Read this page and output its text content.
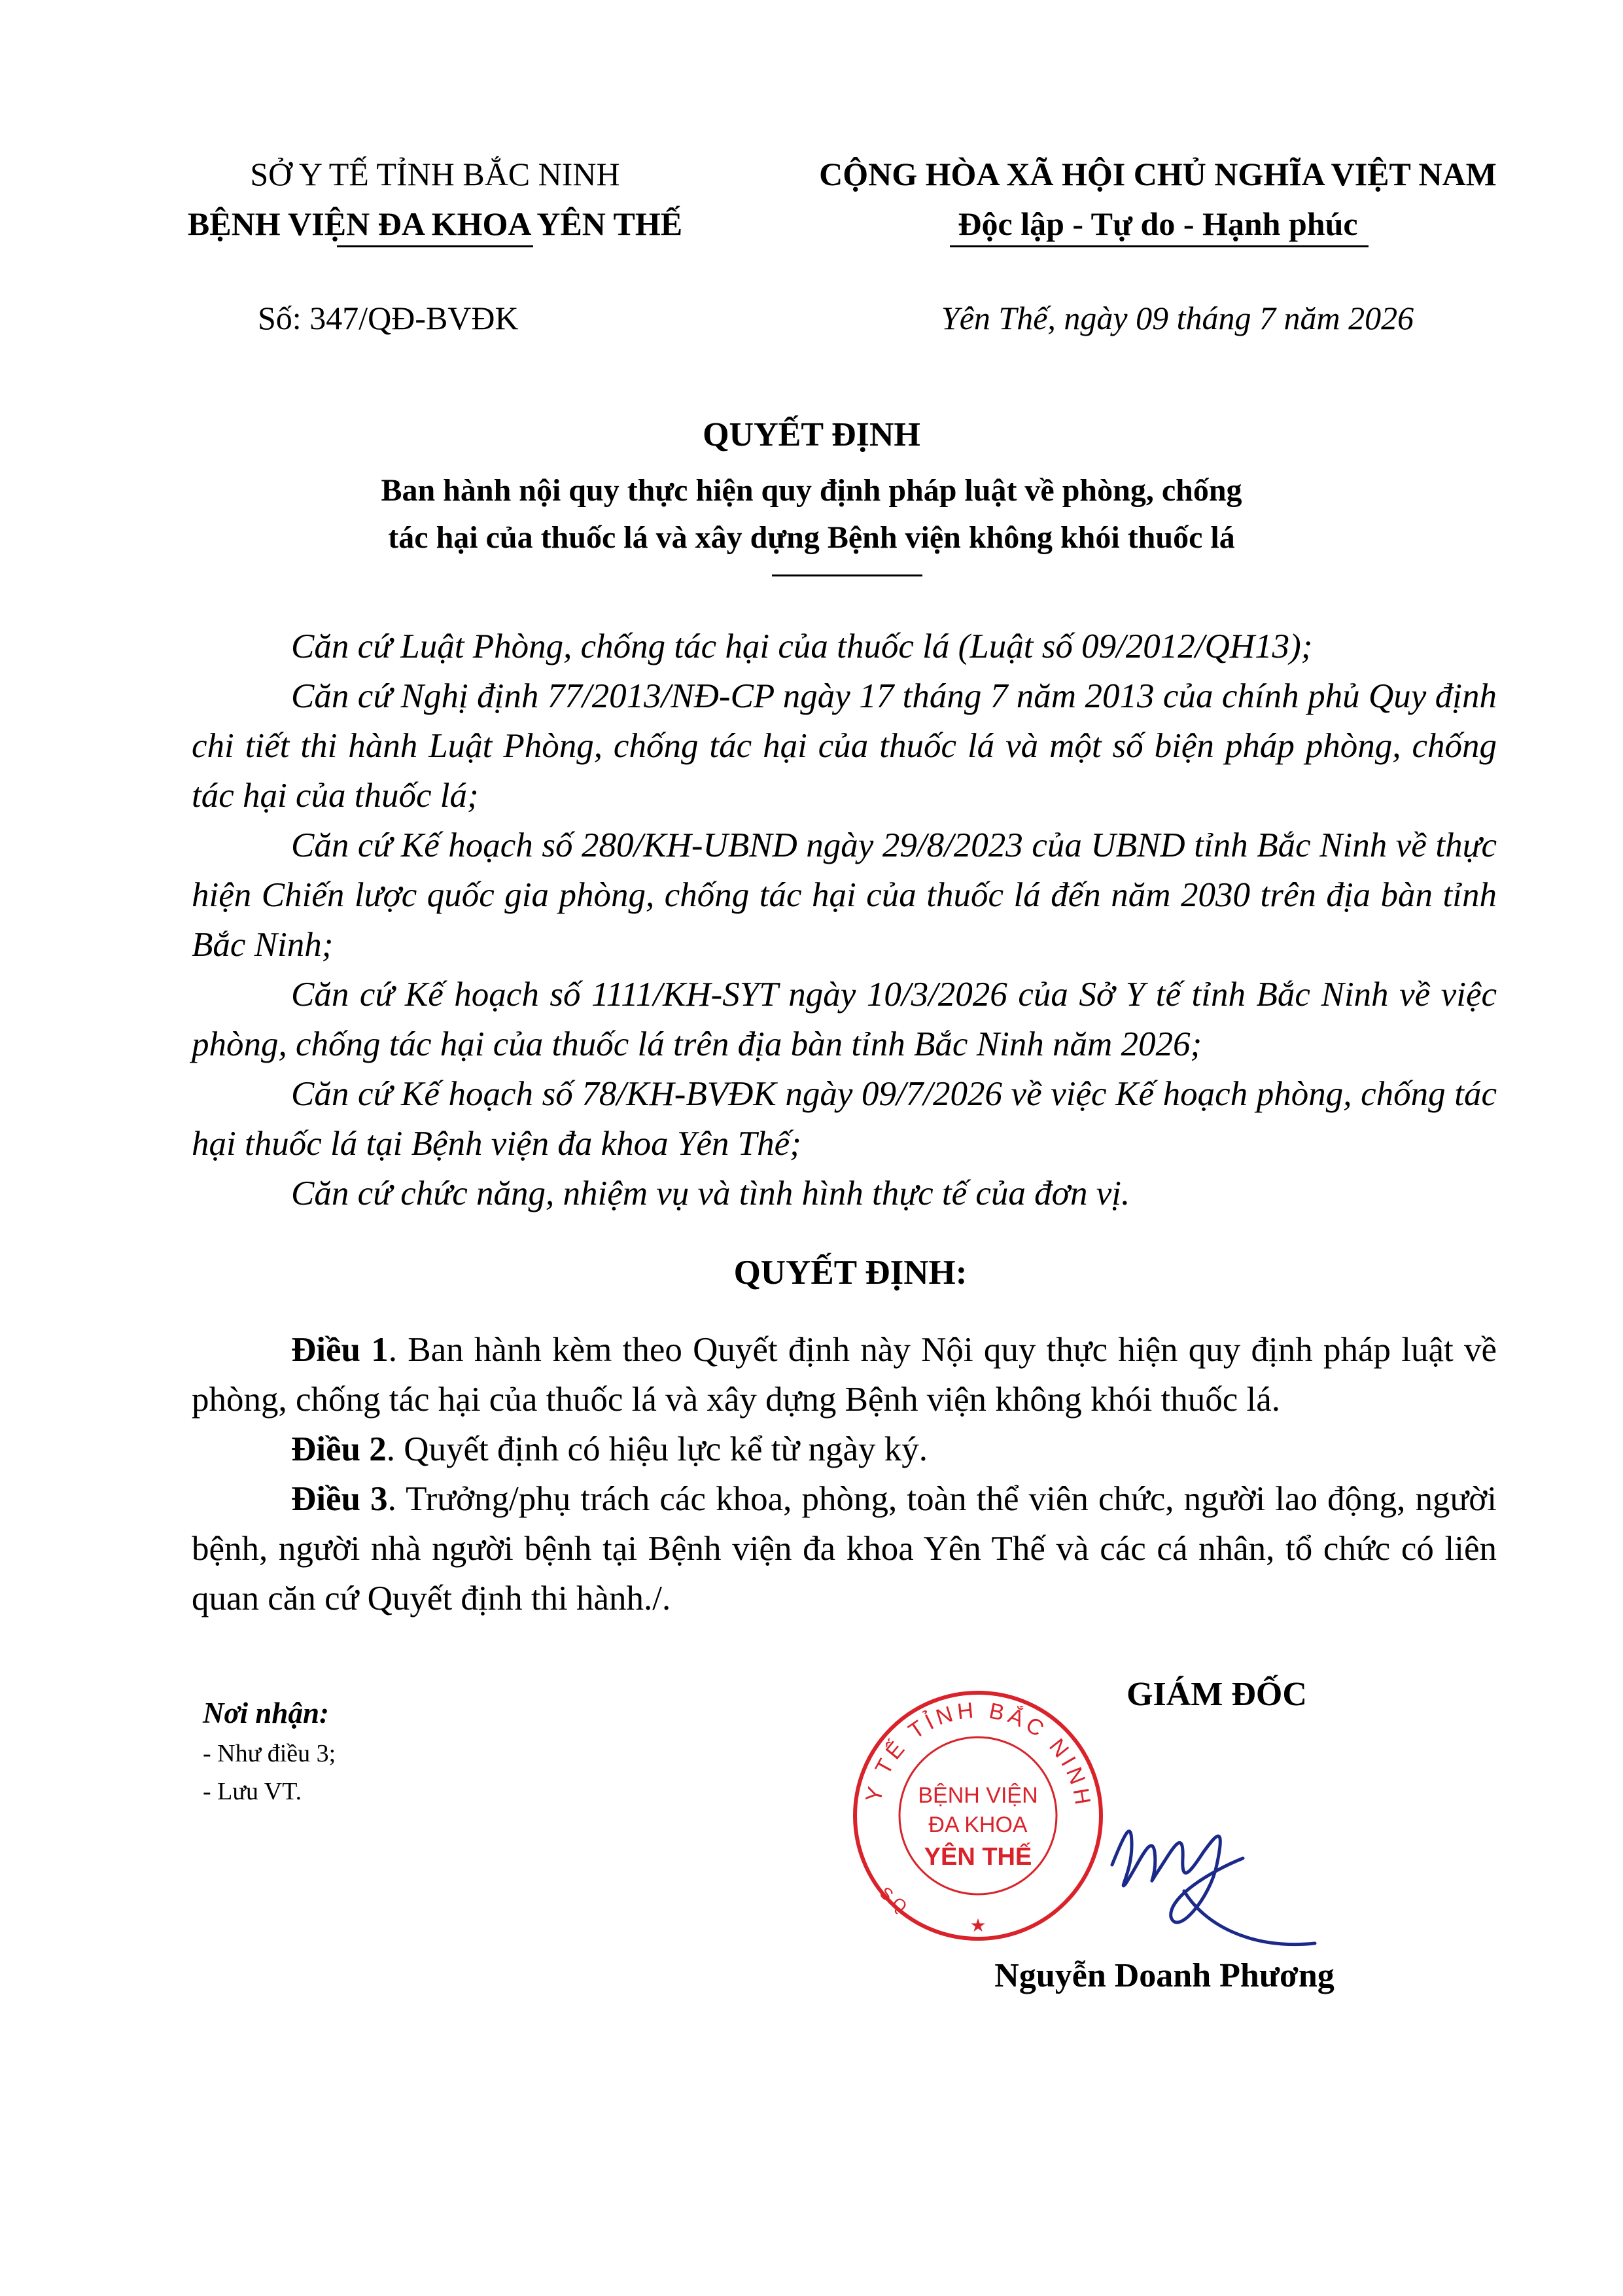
SỞ Y TẾ TỈNH BẮC NINH
BỆNH VIỆN ĐA KHOA YÊN THẾ
Số: 347/QĐ-BVĐK
CỘNG HÒA XÃ HỘI CHỦ NGHĨA VIỆT NAM
Độc lập - Tự do - Hạnh phúc
Yên Thế, ngày 09 tháng 7 năm 2026
QUYẾT ĐỊNH
Ban hành nội quy thực hiện quy định pháp luật về phòng, chống
tác hại của thuốc lá và xây dựng Bệnh viện không khói thuốc lá

Căn cứ Luật Phòng, chống tác hại của thuốc lá (Luật số 09/2012/QH13);

Căn cứ Nghị định 77/2013/NĐ-CP ngày 17 tháng 7 năm 2013 của chính phủ Quy định chi tiết thi hành Luật Phòng, chống tác hại của thuốc lá và một số biện pháp phòng, chống tác hại của thuốc lá;

Căn cứ Kế hoạch số 280/KH-UBND ngày 29/8/2023 của UBND tỉnh Bắc Ninh về thực hiện Chiến lược quốc gia phòng, chống tác hại của thuốc lá đến năm 2030 trên địa bàn tỉnh Bắc Ninh;

Căn cứ Kế hoạch số 1111/KH-SYT ngày 10/3/2026 của Sở Y tế tỉnh Bắc Ninh về việc phòng, chống tác hại của thuốc lá trên địa bàn tỉnh Bắc Ninh năm 2026;

Căn cứ Kế hoạch số 78/KH-BVĐK ngày 09/7/2026 về việc Kế hoạch phòng, chống tác hại thuốc lá tại Bệnh viện đa khoa Yên Thế;

Căn cứ chức năng, nhiệm vụ và tình hình thực tế của đơn vị.

QUYẾT ĐỊNH:

Điều 1. Ban hành kèm theo Quyết định này Nội quy thực hiện quy định pháp luật về phòng, chống tác hại của thuốc lá và xây dựng Bệnh viện không khói thuốc lá.

Điều 2. Quyết định có hiệu lực kể từ ngày ký.

Điều 3. Trưởng/phụ trách các khoa, phòng, toàn thể viên chức, người lao động, người bệnh, người nhà người bệnh tại Bệnh viện đa khoa Yên Thế và các cá nhân, tổ chức có liên quan căn cứ Quyết định thi hành./.

Nơi nhận:
- Như điều 3;
- Lưu VT.
GIÁM ĐỐC
Y TẾ TỈNH BẮC NINH
BỆNH VIỆN
ĐA KHOA
YÊN THẾ
★
S.Q
Nguyễn Doanh Phương
